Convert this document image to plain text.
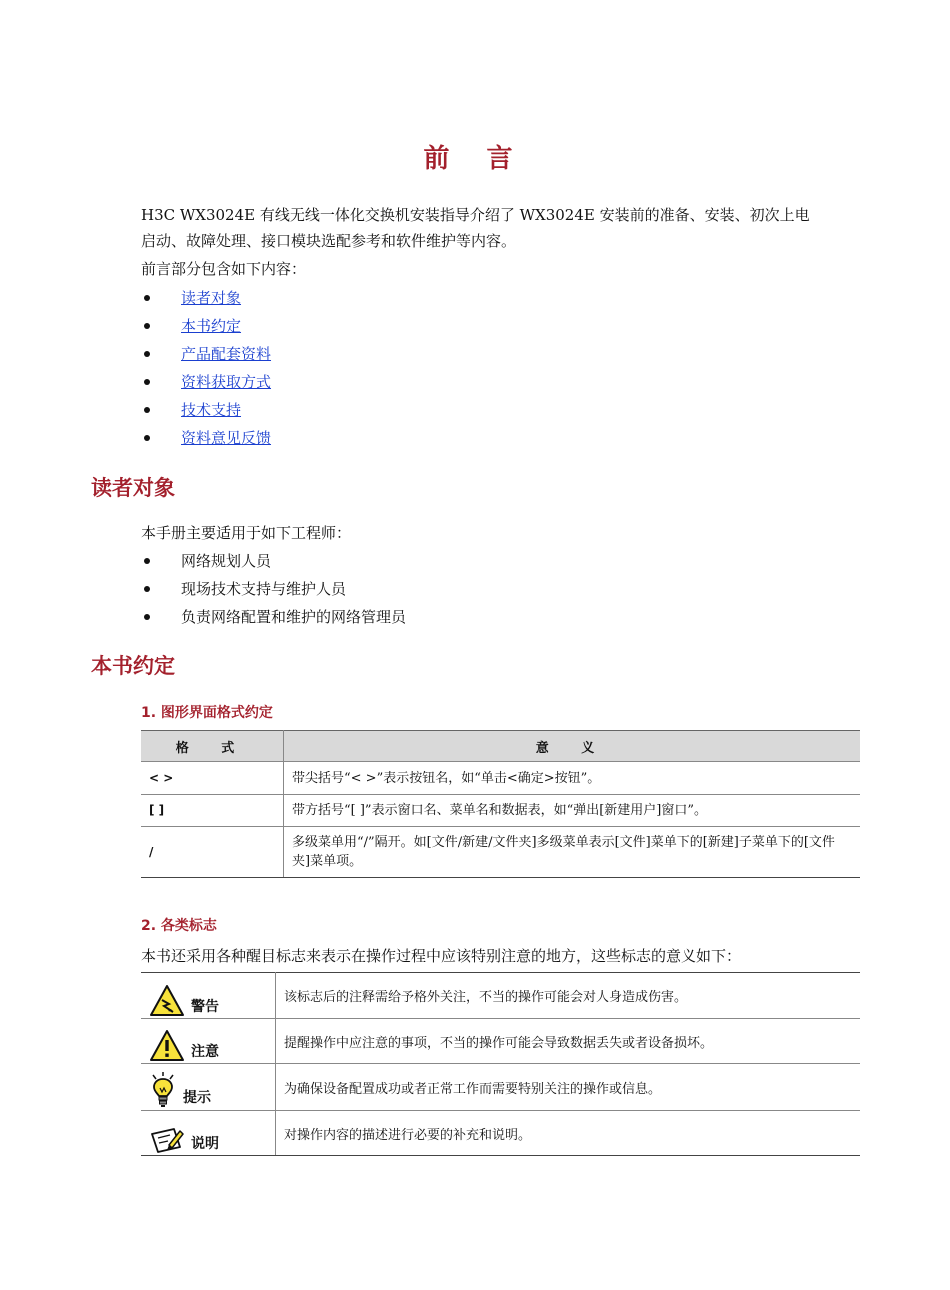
前 言
H3C WX3024E 有线无线一体化交换机安装指导介绍了 WX3024E 安装前的准备、安装、初次上电
启动、故障处理、接口模块选配参考和软件维护等内容。
前言部分包含如下内容：
读者对象
本书约定
产品配套资料
资料获取方式
技术支持
资料意见反馈
读者对象
本手册主要适用于如下工程师：
网络规划人员
现场技术支持与维护人员
负责网络配置和维护的网络管理员
本书约定
1. 图形界面格式约定
格 式	意 义
< >	带尖括号“< >”表示按钮名，如“单击<确定>按钮”。
[ ]	带方括号“[ ]”表示窗口名、菜单名和数据表，如“弹出[新建用户]窗口”。
/	多级菜单用“/”隔开。如[文件/新建/文件夹]多级菜单表示[文件]菜单下的[新建]子菜单下的[文件夹]菜单项。
2. 各类标志
本书还采用各种醒目标志来表示在操作过程中应该特别注意的地方，这些标志的意义如下：
警告	该标志后的注释需给予格外关注，不当的操作可能会对人身造成伤害。

注意	提醒操作中应注意的事项，不当的操作可能会导致数据丢失或者设备损坏。

提示	为确保设备配置成功或者正常工作而需要特别关注的操作或信息。

说明	对操作内容的描述进行必要的补充和说明。
